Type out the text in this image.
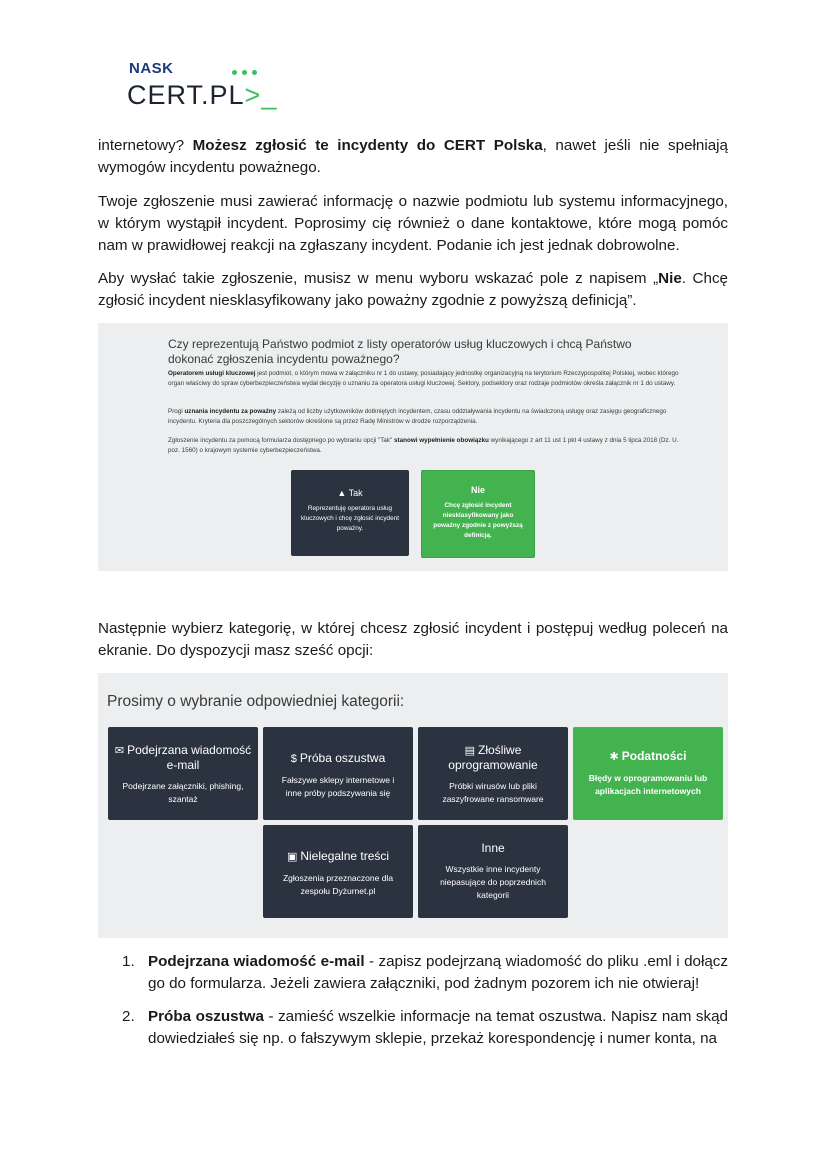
NASK
CERT.PL>_
internetowy? Możesz zgłosić te incydenty do CERT Polska, nawet jeśli nie spełniają wymogów incydentu poważnego.
Twoje zgłoszenie musi zawierać informację o nazwie podmiotu lub systemu informacyjnego, w którym wystąpił incydent. Poprosimy cię również o dane kontaktowe, które mogą pomóc nam w prawidłowej reakcji na zgłaszany incydent. Podanie ich jest jednak dobrowolne.
Aby wysłać takie zgłoszenie, musisz w menu wyboru wskazać pole z napisem „Nie. Chcę zgłosić incydent niesklasyfikowany jako poważny zgodnie z powyższą definicją”.
Czy reprezentują Państwo podmiot z listy operatorów usług kluczowych i chcą Państwo dokonać zgłoszenia incydentu poważnego?
Operatorem usługi kluczowej jest podmiot, o którym mowa w załączniku nr 1 do ustawy, posiadający jednostkę organizacyjną na terytorium Rzeczypospolitej Polskiej, wobec którego organ właściwy do spraw cyberbezpieczeństwa wydał decyzję o uznaniu za operatora usługi kluczowej. Sektory, podsektory oraz rodzaje podmiotów określa załącznik nr 1 do ustawy.
Progi uznania incydentu za poważny zależą od liczby użytkowników dotkniętych incydentem, czasu oddziaływania incydentu na świadczoną usługę oraz zasięgu geograficznego incydentu. Kryteria dla poszczególnych sektorów określone są przez Radę Ministrów w drodze rozporządzenia.
Zgłoszenie incydentu za pomocą formularza dostępnego po wybraniu opcji "Tak" stanowi wypełnienie obowiązku wynikającego z art 11 ust 1 pkt 4 ustawy z dnia 5 lipca 2018 (Dz. U. poz. 1560) o krajowym systemie cyberbezpieczeństwa.
▲ Tak
Reprezentuję operatora usług kluczowych i chcę zgłosić incydent poważny.
Nie
Chcę zgłosić incydent niesklasyfikowany jako poważny zgodnie z powyższą definicją.
Następnie wybierz kategorię, w której chcesz zgłosić incydent i postępuj według poleceń na ekranie. Do dyspozycji masz sześć opcji:
Prosimy o wybranie odpowiedniej kategorii:
✉ Podejrzana wiadomość e-mail
Podejrzane załączniki, phishing, szantaż
$ Próba oszustwa
Fałszywe sklepy internetowe i inne próby podszywania się
▤ Złośliwe oprogramowanie
Próbki wirusów lub pliki zaszyfrowane ransomware
✱ Podatności
Błędy w oprogramowaniu lub aplikacjach internetowych
▣ Nielegalne treści
Zgłoszenia przeznaczone dla zespołu Dyżurnet.pl
Inne
Wszystkie inne incydenty niepasujące do poprzednich kategorii
1. Podejrzana wiadomość e-mail - zapisz podejrzaną wiadomość do pliku .eml i dołącz go do formularza. Jeżeli zawiera załączniki, pod żadnym pozorem ich nie otwieraj!
2. Próba oszustwa - zamieść wszelkie informacje na temat oszustwa. Napisz nam skąd dowiedziałeś się np. o fałszywym sklepie, przekaż korespondencję i numer konta, na
